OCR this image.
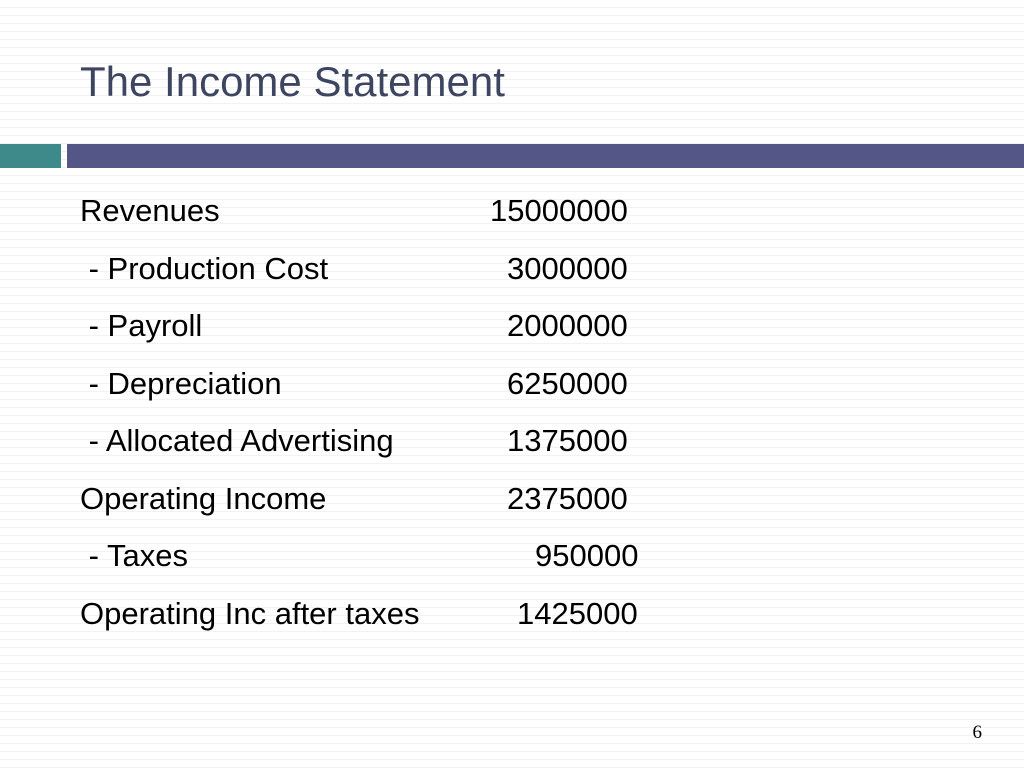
The Income Statement
Revenues	15000000
- Production Cost	3000000
- Payroll	2000000
- Depreciation	6250000
- Allocated Advertising	1375000
Operating Income	2375000
- Taxes	950000
Operating Inc after taxes	1425000
6
